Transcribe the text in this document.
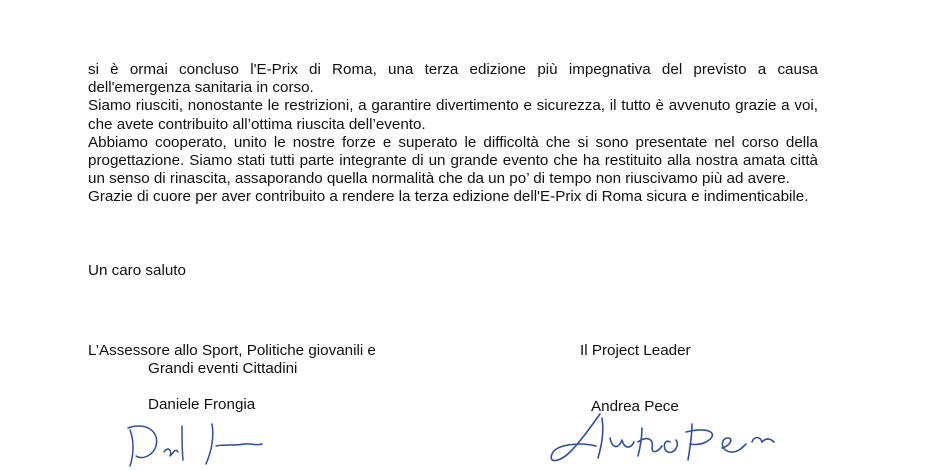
si è ormai concluso l'E-Prix di Roma, una terza edizione più impegnativa del previsto a causa dell'emergenza sanitaria in corso.

Siamo riusciti, nonostante le restrizioni, a garantire divertimento e sicurezza, il tutto è avvenuto grazie a voi, che avete contribuito all’ottima riuscita dell’evento.

Abbiamo cooperato, unito le nostre forze e superato le difficoltà che si sono presentate nel corso della progettazione. Siamo stati tutti parte integrante di un grande evento che ha restituito alla nostra amata città un senso di rinascita, assaporando quella normalità che da un po’ di tempo non riuscivamo più ad avere.

Grazie di cuore per aver contribuito a rendere la terza edizione dell'E-Prix di Roma sicura e indimenticabile.

Un caro saluto
L’Assessore allo Sport, Politiche giovanili e
Grandi eventi Cittadini
Daniele Frongia
Il Project Leader
Andrea Pece
